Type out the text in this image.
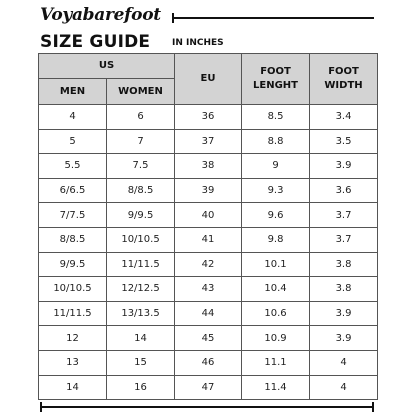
Voyabarefoot
SIZE GUIDE IN INCHES
US		EU	FOOT LENGHT	FOOT WIDTH
MEN	WOMEN			
4	6	36	8.5	3.4
5	7	37	8.8	3.5
5.5	7.5	38	9	3.9
6/6.5	8/8.5	39	9.3	3.6
7/7.5	9/9.5	40	9.6	3.7
8/8.5	10/10.5	41	9.8	3.7
9/9.5	11/11.5	42	10.1	3.8
10/10.5	12/12.5	43	10.4	3.8
11/11.5	13/13.5	44	10.6	3.9
12	14	45	10.9	3.9
13	15	46	11.1	4
14	16	47	11.4	4
